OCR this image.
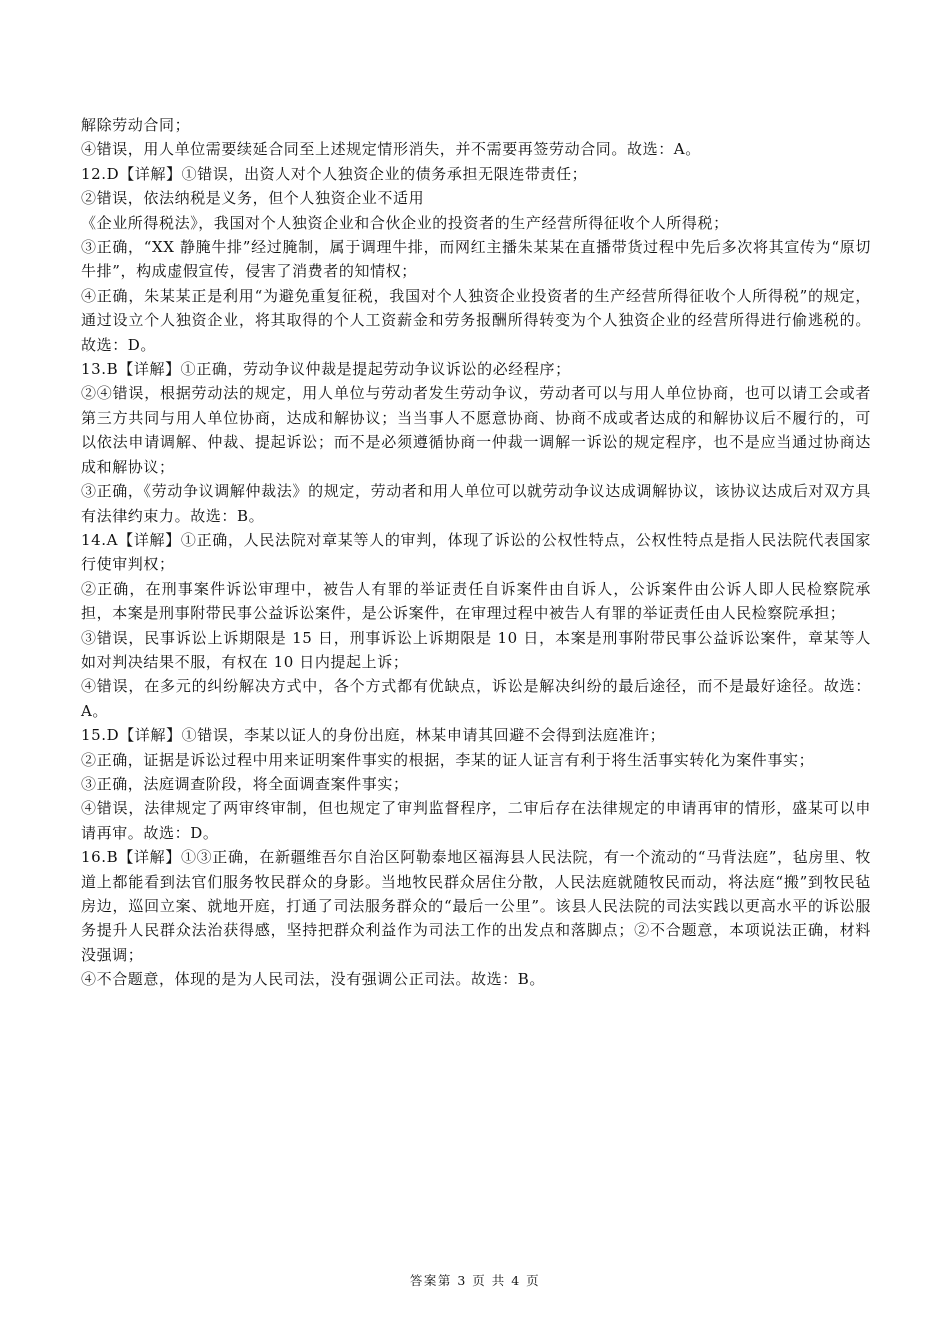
解除劳动合同；

④错误，用人单位需要续延合同至上述规定情形消失，并不需要再签劳动合同。故选：A。

12.D【详解】①错误，出资人对个人独资企业的债务承担无限连带责任；

②错误，依法纳税是义务，但个人独资企业不适用

《企业所得税法》，我国对个人独资企业和合伙企业的投资者的生产经营所得征收个人所得税；

③正确，“XX 静腌牛排”经过腌制，属于调理牛排，而网红主播朱某某在直播带货过程中先后多次将其宣传为“原切牛排”，构成虚假宣传，侵害了消费者的知情权；

④正确，朱某某正是利用“为避免重复征税，我国对个人独资企业投资者的生产经营所得征收个人所得税”的规定，通过设立个人独资企业，将其取得的个人工资薪金和劳务报酬所得转变为个人独资企业的经营所得进行偷逃税的。故选：D。

13.B【详解】①正确，劳动争议仲裁是提起劳动争议诉讼的必经程序；

②④错误，根据劳动法的规定，用人单位与劳动者发生劳动争议，劳动者可以与用人单位协商，也可以请工会或者第三方共同与用人单位协商，达成和解协议；当当事人不愿意协商、协商不成或者达成的和解协议后不履行的，可以依法申请调解、仲裁、提起诉讼；而不是必须遵循协商一仲裁一调解一诉讼的规定程序，也不是应当通过协商达成和解协议；

③正确，《劳动争议调解仲裁法》的规定，劳动者和用人单位可以就劳动争议达成调解协议，该协议达成后对双方具有法律约束力。故选：B。

14.A【详解】①正确，人民法院对章某等人的审判，体现了诉讼的公权性特点，公权性特点是指人民法院代表国家行使审判权；

②正确，在刑事案件诉讼审理中，被告人有罪的举证责任自诉案件由自诉人，公诉案件由公诉人即人民检察院承担，本案是刑事附带民事公益诉讼案件，是公诉案件，在审理过程中被告人有罪的举证责任由人民检察院承担；

③错误，民事诉讼上诉期限是 15 日，刑事诉讼上诉期限是 10 日，本案是刑事附带民事公益诉讼案件，章某等人如对判决结果不服，有权在 10 日内提起上诉；

④错误，在多元的纠纷解决方式中，各个方式都有优缺点，诉讼是解决纠纷的最后途径，而不是最好途径。故选：A。

15.D【详解】①错误，李某以证人的身份出庭，林某申请其回避不会得到法庭准许；

②正确，证据是诉讼过程中用来证明案件事实的根据，李某的证人证言有利于将生活事实转化为案件事实；

③正确，法庭调查阶段，将全面调查案件事实；

④错误，法律规定了两审终审制，但也规定了审判监督程序，二审后存在法律规定的申请再审的情形，盛某可以申请再审。故选：D。

16.B【详解】①③正确，在新疆维吾尔自治区阿勒泰地区福海县人民法院，有一个流动的“马背法庭”，毡房里、牧道上都能看到法官们服务牧民群众的身影。当地牧民群众居住分散，人民法庭就随牧民而动，将法庭“搬”到牧民毡房边，巡回立案、就地开庭，打通了司法服务群众的“最后一公里”。该县人民法院的司法实践以更高水平的诉讼服务提升人民群众法治获得感，坚持把群众利益作为司法工作的出发点和落脚点；②不合题意，本项说法正确，材料没强调；

④不合题意，体现的是为人民司法，没有强调公正司法。故选：B。

答案第 3 页 共 4 页
